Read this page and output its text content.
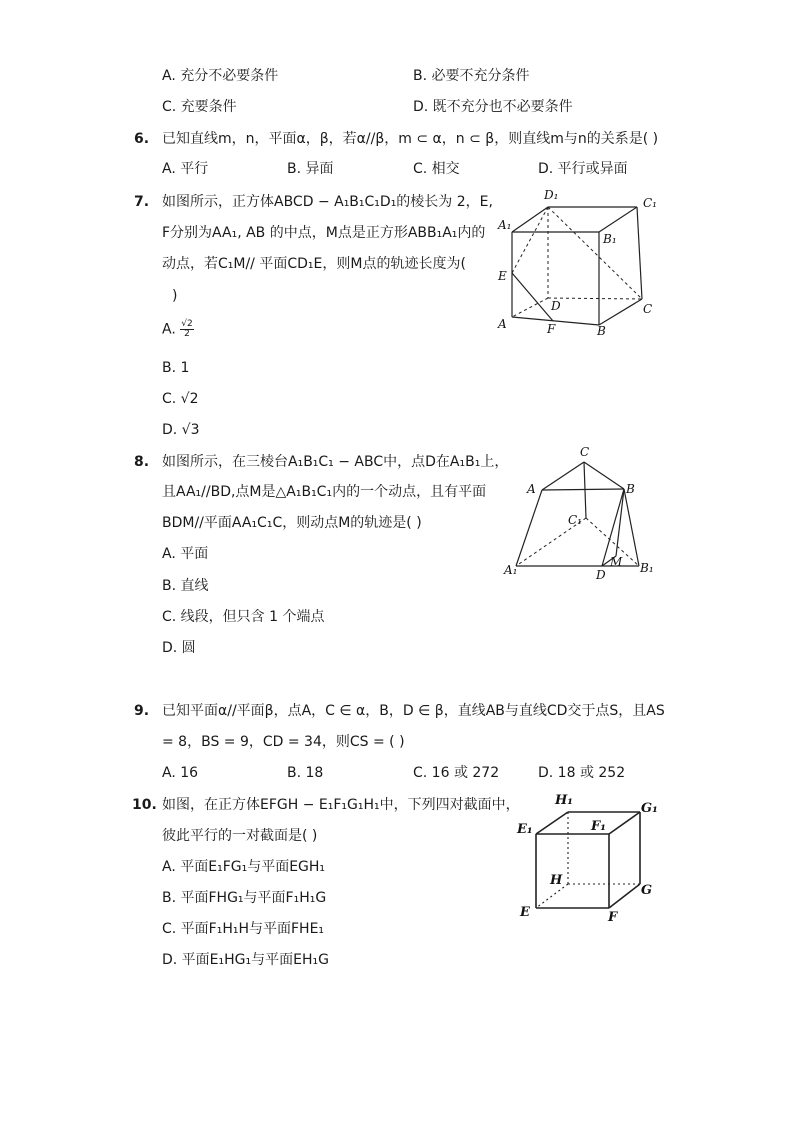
A. 充分不必要条件	B. 必要不充分条件
C. 充要条件	D. 既不充分也不必要条件
6. 已知直线m，n，平面α，β，若α//β，m ⊂ α，n ⊂ β，则直线m与n的关系是( )
A. 平行	B. 异面	C. 相交	D. 平行或异面
7. 如图所示，正方体ABCD − A₁B₁C₁D₁的棱长为 2，E,
F分别为AA₁, AB 的中点，M点是正方形ABB₁A₁内的
动点，若C₁M// 平面CD₁E，则M点的轨迹长度为(
)
A. $\frac{√2}{2}$
B. 1
C. √2
D. √3
D₁
C₁
A₁
B₁
E
D	C
A	F	B
8. 如图所示，在三棱台A₁B₁C₁ − ABC中，点D在A₁B₁上，
且AA₁//BD,点M是△A₁B₁C₁内的一个动点，且有平面
BDM//平面AA₁C₁C，则动点M的轨迹是( )
A. 平面
B. 直线
C. 线段，但只含 1 个端点
D. 圆
C
A	B
C₁
A₁	D
M B₁
9. 已知平面α//平面β，点A，C ∈ α，B，D ∈ β，直线AB与直线CD交于点S，且AS
= 8，BS = 9，CD = 34，则CS = ( )
A. 16	B. 18	C. 16 或 272	D. 18 或 252
10. 如图，在正方体EFGH − E₁F₁G₁H₁中，下列四对截面中，
彼此平行的一对截面是( )
A. 平面E₁FG₁与平面EGH₁
B. 平面FHG₁与平面F₁H₁G
C. 平面F₁H₁H与平面FHE₁
D. 平面E₁HG₁与平面EH₁G
H₁
G₁
E₁	F₁
H
G
E	F
